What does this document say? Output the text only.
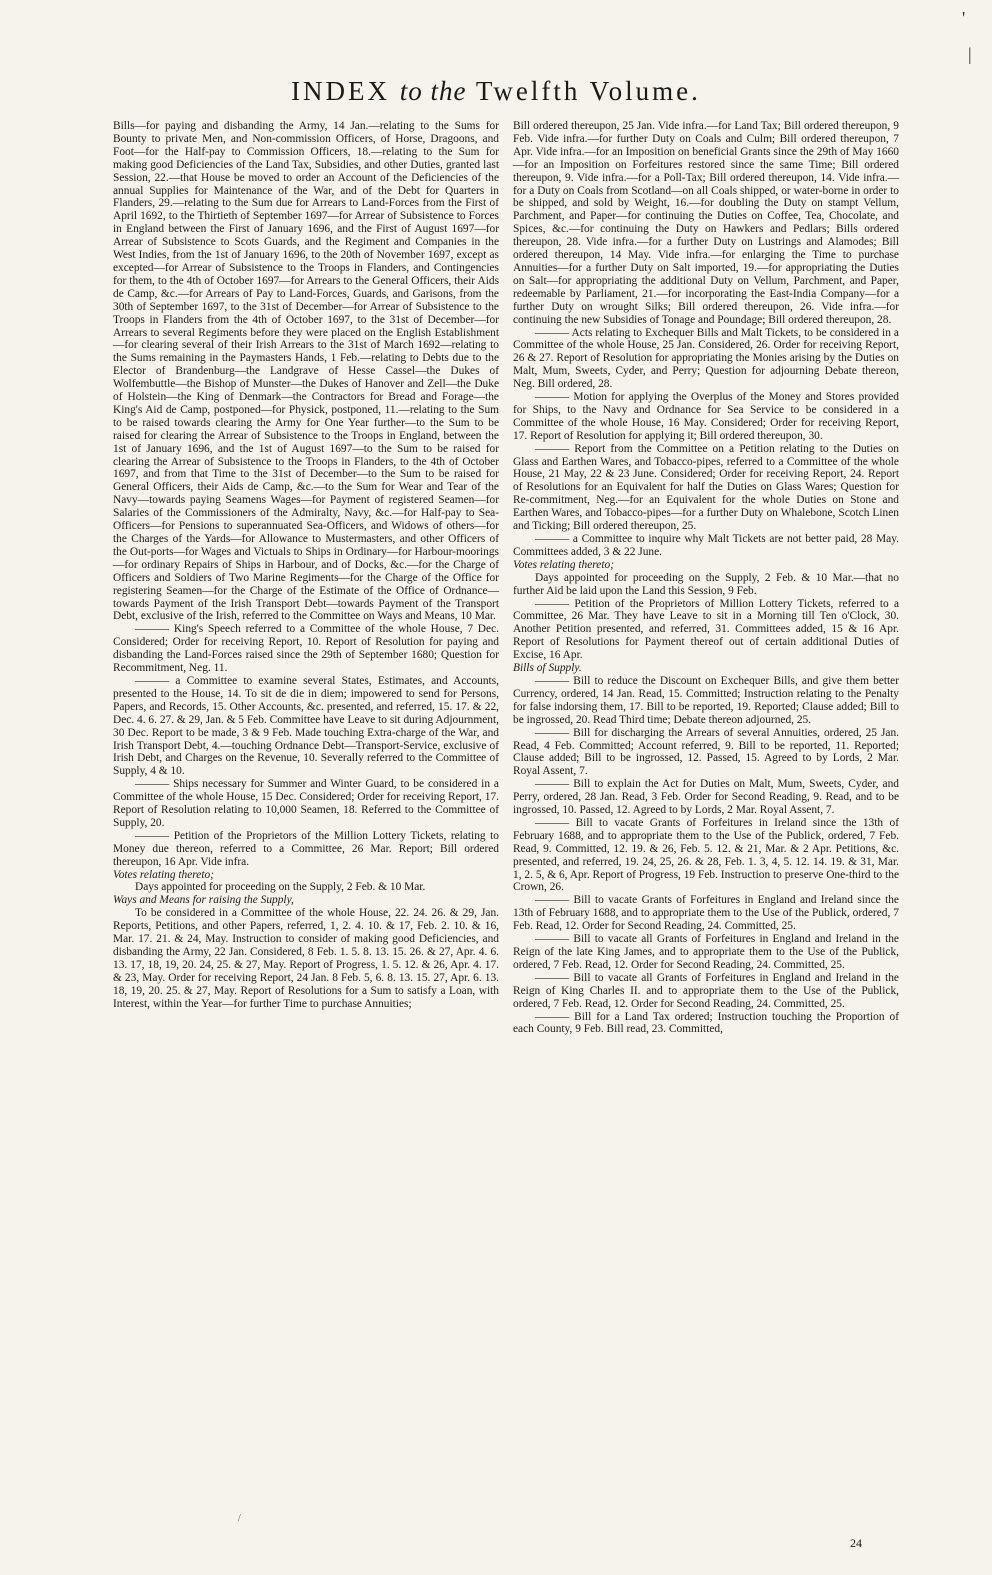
|
'
INDEX to the Twelfth Volume.

Bills—for paying and disbanding the Army, 14 Jan.—relating to the Sums for Bounty to private Men, and Non-commission Officers, of Horse, Dragoons, and Foot—for the Half-pay to Commission Officers, 18.—relating to the Sum for making good Deficiencies of the Land Tax, Subsidies, and other Duties, granted last Session, 22.—that House be moved to order an Account of the Deficiencies of the annual Supplies for Maintenance of the War, and of the Debt for Quarters in Flanders, 29.—relating to the Sum due for Arrears to Land-Forces from the First of April 1692, to the Thirtieth of September 1697—for Arrear of Subsistence to Forces in England between the First of January 1696, and the First of August 1697—for Arrear of Subsistence to Scots Guards, and the Regiment and Companies in the West Indies, from the 1st of January 1696, to the 20th of November 1697, except as excepted—for Arrear of Subsistence to the Troops in Flanders, and Contingencies for them, to the 4th of October 1697—for Arrears to the General Officers, their Aids de Camp, &c.—for Arrears of Pay to Land-Forces, Guards, and Garisons, from the 30th of September 1697, to the 31st of December—for Arrear of Subsistence to the Troops in Flanders from the 4th of October 1697, to the 31st of December—for Arrears to several Regiments before they were placed on the English Establishment—for clearing several of their Irish Arrears to the 31st of March 1692—relating to the Sums remaining in the Paymasters Hands, 1 Feb.—relating to Debts due to the Elector of Brandenburg—the Landgrave of Hesse Cassel—the Dukes of Wolfembuttle—the Bishop of Munster—the Dukes of Hanover and Zell—the Duke of Holstein—the King of Denmark—the Contractors for Bread and Forage—the King's Aid de Camp, postponed—for Physick, postponed, 11.—relating to the Sum to be raised towards clearing the Army for One Year further—to the Sum to be raised for clearing the Arrear of Subsistence to the Troops in England, between the 1st of January 1696, and the 1st of August 1697—to the Sum to be raised for clearing the Arrear of Subsistence to the Troops in Flanders, to the 4th of October 1697, and from that Time to the 31st of December—to the Sum to be raised for General Officers, their Aids de Camp, &c.—to the Sum for Wear and Tear of the Navy—towards paying Seamens Wages—for Payment of registered Seamen—for Salaries of the Commissioners of the Admiralty, Navy, &c.—for Half-pay to Sea-Officers—for Pensions to superannuated Sea-Officers, and Widows of others—for the Charges of the Yards—for Allowance to Mustermasters, and other Officers of the Out-ports—for Wages and Victuals to Ships in Ordinary—for Harbour-moorings—for ordinary Repairs of Ships in Harbour, and of Docks, &c.—for the Charge of Officers and Soldiers of Two Marine Regiments—for the Charge of the Office for registering Seamen—for the Charge of the Estimate of the Office of Ordnance—towards Payment of the Irish Transport Debt—towards Payment of the Transport Debt, exclusive of the Irish, referred to the Committee on Ways and Means, 10 Mar.

——— King's Speech referred to a Committee of the whole House, 7 Dec. Considered; Order for receiving Report, 10. Report of Resolution for paying and disbanding the Land-Forces raised since the 29th of September 1680; Question for Recommitment, Neg. 11.

——— a Committee to examine several States, Estimates, and Accounts, presented to the House, 14. To sit de die in diem; impowered to send for Persons, Papers, and Records, 15. Other Accounts, &c. presented, and referred, 15. 17. & 22, Dec. 4. 6. 27. & 29, Jan. & 5 Feb. Committee have Leave to sit during Adjournment, 30 Dec. Report to be made, 3 & 9 Feb. Made touching Extra-charge of the War, and Irish Transport Debt, 4.—touching Ordnance Debt—Transport-Service, exclusive of Irish Debt, and Charges on the Revenue, 10. Severally referred to the Committee of Supply, 4 & 10.

——— Ships necessary for Summer and Winter Guard, to be considered in a Committee of the whole House, 15 Dec. Considered; Order for receiving Report, 17. Report of Resolution relating to 10,000 Seamen, 18. Referred to the Committee of Supply, 20.

——— Petition of the Proprietors of the Million Lottery Tickets, relating to Money due thereon, referred to a Committee, 26 Mar. Report; Bill ordered thereupon, 16 Apr. Vide infra.

Votes relating thereto;

Days appointed for proceeding on the Supply, 2 Feb. & 10 Mar.

Ways and Means for raising the Supply,

To be considered in a Committee of the whole House, 22. 24. 26. & 29, Jan. Reports, Petitions, and other Papers, referred, 1, 2. 4. 10. & 17, Feb. 2. 10. & 16, Mar. 17. 21. & 24, May. Instruction to consider of making good Deficiencies, and disbanding the Army, 22 Jan. Considered, 8 Feb. 1. 5. 8. 13. 15. 26. & 27, Apr. 4. 6. 13. 17, 18, 19, 20. 24, 25. & 27, May. Report of Progress, 1. 5. 12. & 26, Apr. 4. 17. & 23, May. Order for receiving Report, 24 Jan. 8 Feb. 5, 6. 8. 13. 15. 27, Apr. 6. 13. 18, 19, 20. 25. & 27, May. Report of Resolutions for a Sum to satisfy a Loan, with Interest, within the Year—for further Time to purchase Annuities;

Bill ordered thereupon, 25 Jan. Vide infra.—for Land Tax; Bill ordered thereupon, 9 Feb. Vide infra.—for further Duty on Coals and Culm; Bill ordered thereupon, 7 Apr. Vide infra.—for an Imposition on beneficial Grants since the 29th of May 1660—for an Imposition on Forfeitures restored since the same Time; Bill ordered thereupon, 9. Vide infra.—for a Poll-Tax; Bill ordered thereupon, 14. Vide infra.—for a Duty on Coals from Scotland—on all Coals shipped, or water-borne in order to be shipped, and sold by Weight, 16.—for doubling the Duty on stampt Vellum, Parchment, and Paper—for continuing the Duties on Coffee, Tea, Chocolate, and Spices, &c.—for continuing the Duty on Hawkers and Pedlars; Bills ordered thereupon, 28. Vide infra.—for a further Duty on Lustrings and Alamodes; Bill ordered thereupon, 14 May. Vide infra.—for enlarging the Time to purchase Annuities—for a further Duty on Salt imported, 19.—for appropriating the Duties on Salt—for appropriating the additional Duty on Vellum, Parchment, and Paper, redeemable by Parliament, 21.—for incorporating the East-India Company—for a further Duty on wrought Silks; Bill ordered thereupon, 26. Vide infra.—for continuing the new Subsidies of Tonage and Poundage; Bill ordered thereupon, 28.

——— Acts relating to Exchequer Bills and Malt Tickets, to be considered in a Committee of the whole House, 25 Jan. Considered, 26. Order for receiving Report, 26 & 27. Report of Resolution for appropriating the Monies arising by the Duties on Malt, Mum, Sweets, Cyder, and Perry; Question for adjourning Debate thereon, Neg. Bill ordered, 28.

——— Motion for applying the Overplus of the Money and Stores provided for Ships, to the Navy and Ordnance for Sea Service to be considered in a Committee of the whole House, 16 May. Considered; Order for receiving Report, 17. Report of Resolution for applying it; Bill ordered thereupon, 30.

——— Report from the Committee on a Petition relating to the Duties on Glass and Earthen Wares, and Tobacco-pipes, referred to a Committee of the whole House, 21 May, 22 & 23 June. Considered; Order for receiving Report, 24. Report of Resolutions for an Equivalent for half the Duties on Glass Wares; Question for Re-commitment, Neg.—for an Equivalent for the whole Duties on Stone and Earthen Wares, and Tobacco-pipes—for a further Duty on Whalebone, Scotch Linen and Ticking; Bill ordered thereupon, 25.

——— a Committee to inquire why Malt Tickets are not better paid, 28 May. Committees added, 3 & 22 June.

Votes relating thereto;

Days appointed for proceeding on the Supply, 2 Feb. & 10 Mar.—that no further Aid be laid upon the Land this Session, 9 Feb.

——— Petition of the Proprietors of Million Lottery Tickets, referred to a Committee, 26 Mar. They have Leave to sit in a Morning till Ten o'Clock, 30. Another Petition presented, and referred, 31. Committees added, 15 & 16 Apr. Report of Resolutions for Payment thereof out of certain additional Duties of Excise, 16 Apr.

Bills of Supply.

——— Bill to reduce the Discount on Exchequer Bills, and give them better Currency, ordered, 14 Jan. Read, 15. Committed; Instruction relating to the Penalty for false indorsing them, 17. Bill to be reported, 19. Reported; Clause added; Bill to be ingrossed, 20. Read Third time; Debate thereon adjourned, 25.

——— Bill for discharging the Arrears of several Annuities, ordered, 25 Jan. Read, 4 Feb. Committed; Account referred, 9. Bill to be reported, 11. Reported; Clause added; Bill to be ingrossed, 12. Passed, 15. Agreed to by Lords, 2 Mar. Royal Assent, 7.

——— Bill to explain the Act for Duties on Malt, Mum, Sweets, Cyder, and Perry, ordered, 28 Jan. Read, 3 Feb. Order for Second Reading, 9. Read, and to be ingrossed, 10. Passed, 12. Agreed to by Lords, 2 Mar. Royal Assent, 7.

——— Bill to vacate Grants of Forfeitures in Ireland since the 13th of February 1688, and to appropriate them to the Use of the Publick, ordered, 7 Feb. Read, 9. Committed, 12. 19. & 26, Feb. 5. 12. & 21, Mar. & 2 Apr. Petitions, &c. presented, and referred, 19. 24, 25, 26. & 28, Feb. 1. 3, 4, 5. 12. 14. 19. & 31, Mar. 1, 2. 5, & 6, Apr. Report of Progress, 19 Feb. Instruction to preserve One-third to the Crown, 26.

——— Bill to vacate Grants of Forfeitures in England and Ireland since the 13th of February 1688, and to appropriate them to the Use of the Publick, ordered, 7 Feb. Read, 12. Order for Second Reading, 24. Committed, 25.

——— Bill to vacate all Grants of Forfeitures in England and Ireland in the Reign of the late King James, and to appropriate them to the Use of the Publick, ordered, 7 Feb. Read, 12. Order for Second Reading, 24. Committed, 25.

——— Bill to vacate all Grants of Forfeitures in England and Ireland in the Reign of King Charles II. and to appropriate them to the Use of the Publick, ordered, 7 Feb. Read, 12. Order for Second Reading, 24. Committed, 25.

——— Bill for a Land Tax ordered; Instruction touching the Proportion of each County, 9 Feb. Bill read, 23. Committed,

24
/
